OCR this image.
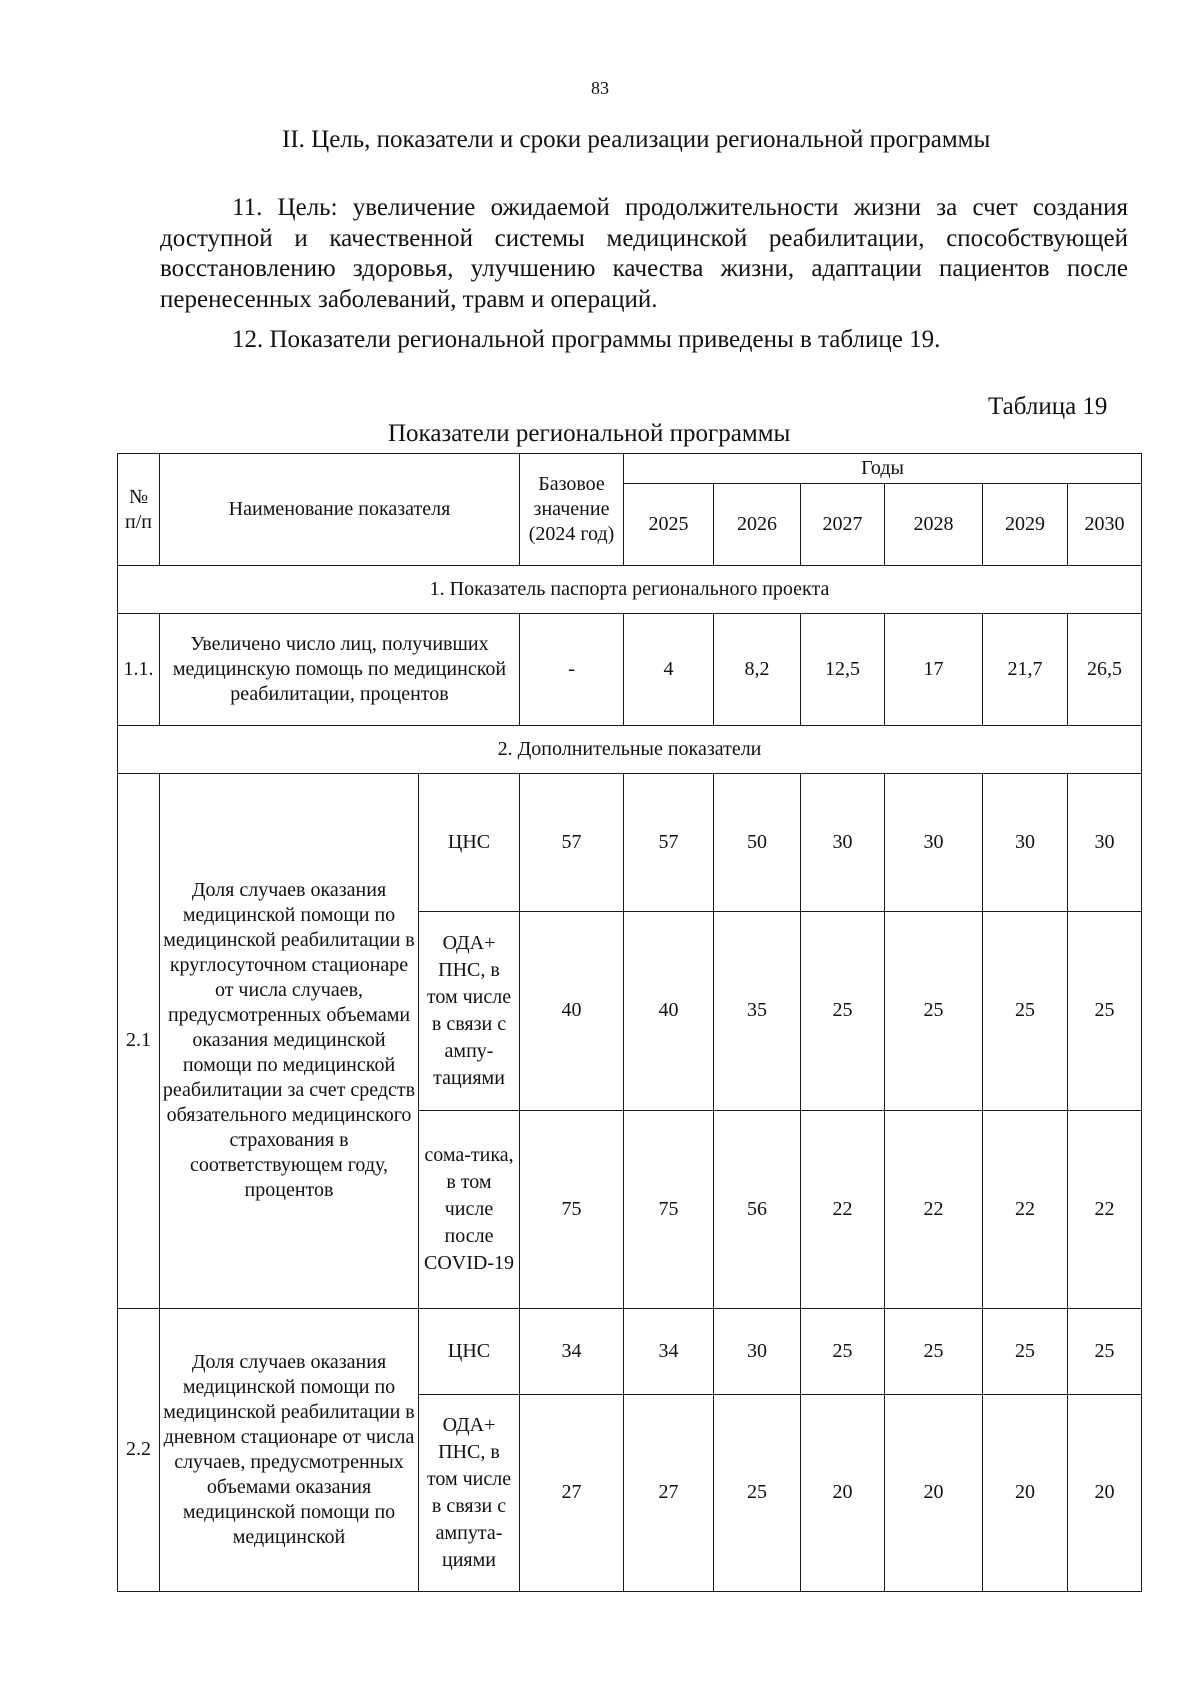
83
II. Цель, показатели и сроки реализации региональной программы

11. Цель: увеличение ожидаемой продолжительности жизни за счет создания доступной и качественной системы медицинской реабилитации, способствующей восстановлению здоровья, улучшению качества жизни, адаптации пациентов после перенесенных заболеваний, травм и операций.

12. Показатели региональной программы приведены в таблице 19.

Таблица 19
Показатели региональной программы
№ п/п	Наименование показателя		Базовое значение (2024 год)	Годы					
				2025	2026	2027	2028	2029	2030
1. Показатель паспорта регионального проекта									
1.1.	Увеличено число лиц, получивших медицинскую помощь по медицинской реабилитации, процентов		-	4	8,2	12,5	17	21,7	26,5
2. Дополнительные показатели									
2.1	Доля случаев оказания медицинской помощи по медицинской реабилитации в круглосуточном стационаре от числа случаев, предусмотренных объемами оказания медицинской помощи по медицинской реабилитации за счет средств обязательного медицинского страхования в соответствующем году, процентов	ЦНС	57	57	50	30	30	30	30
		ОДА+ ПНС, в том числе в связи с ампу-тациями	40	40	35	25	25	25	25
		сома-тика, в том числе после COVID-19	75	75	56	22	22	22	22
2.2	Доля случаев оказания медицинской помощи по медицинской реабилитации в дневном стационаре от числа случаев, предусмотренных объемами оказания медицинской помощи по медицинской	ЦНС	34	34	30	25	25	25	25
		ОДА+ ПНС, в том числе в связи с ампута-циями	27	27	25	20	20	20	20
